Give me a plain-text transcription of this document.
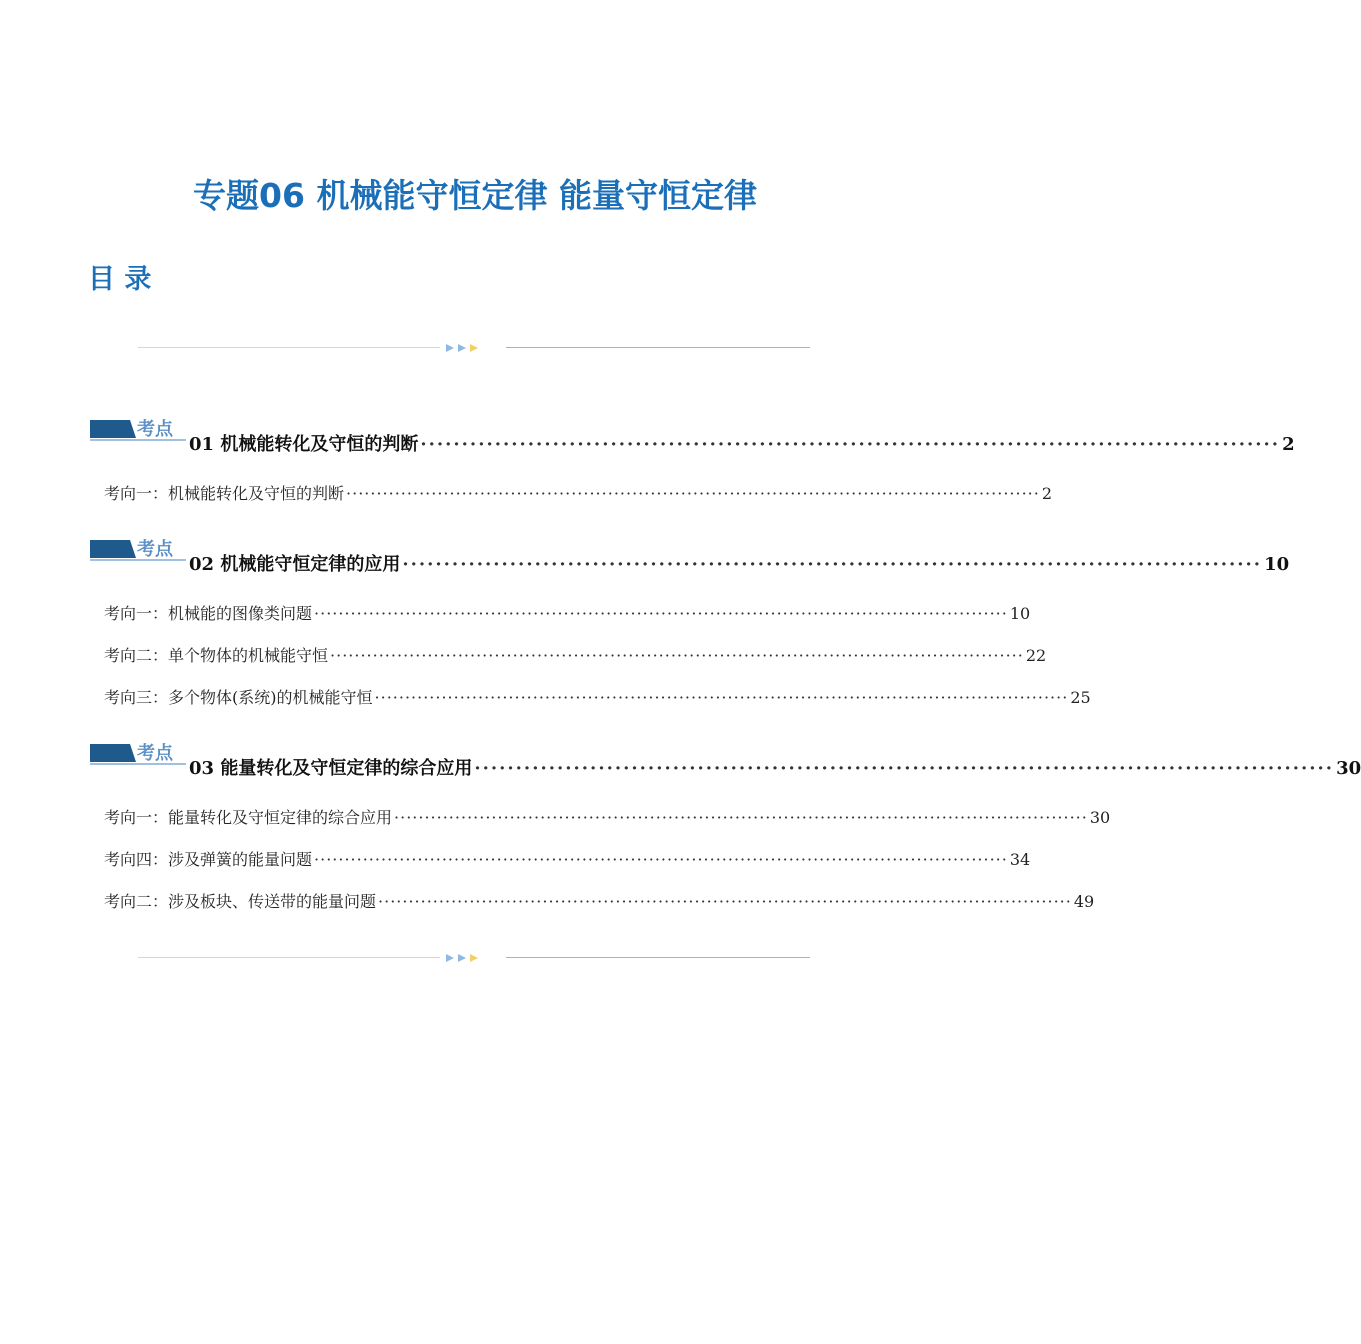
专题06 机械能守恒定律 能量守恒定律
目 录
考点
01 机械能转化及守恒的判断 ········································································································ 2
考向一： 机械能转化及守恒的判断 ·················································································································· 2
考点
02 机械能守恒定律的应用 ········································································································ 10
考向一： 机械能的图像类问题 ·················································································································· 10
考向二： 单个物体的机械能守恒 ·················································································································· 22
考向三： 多个物体(系统)的机械能守恒 ·················································································································· 25
考点
03 能量转化及守恒定律的综合应用 ········································································································ 30
考向一： 能量转化及守恒定律的综合应用 ·················································································································· 30
考向四： 涉及弹簧的能量问题 ·················································································································· 34
考向二： 涉及板块、传送带的能量问题 ·················································································································· 49
